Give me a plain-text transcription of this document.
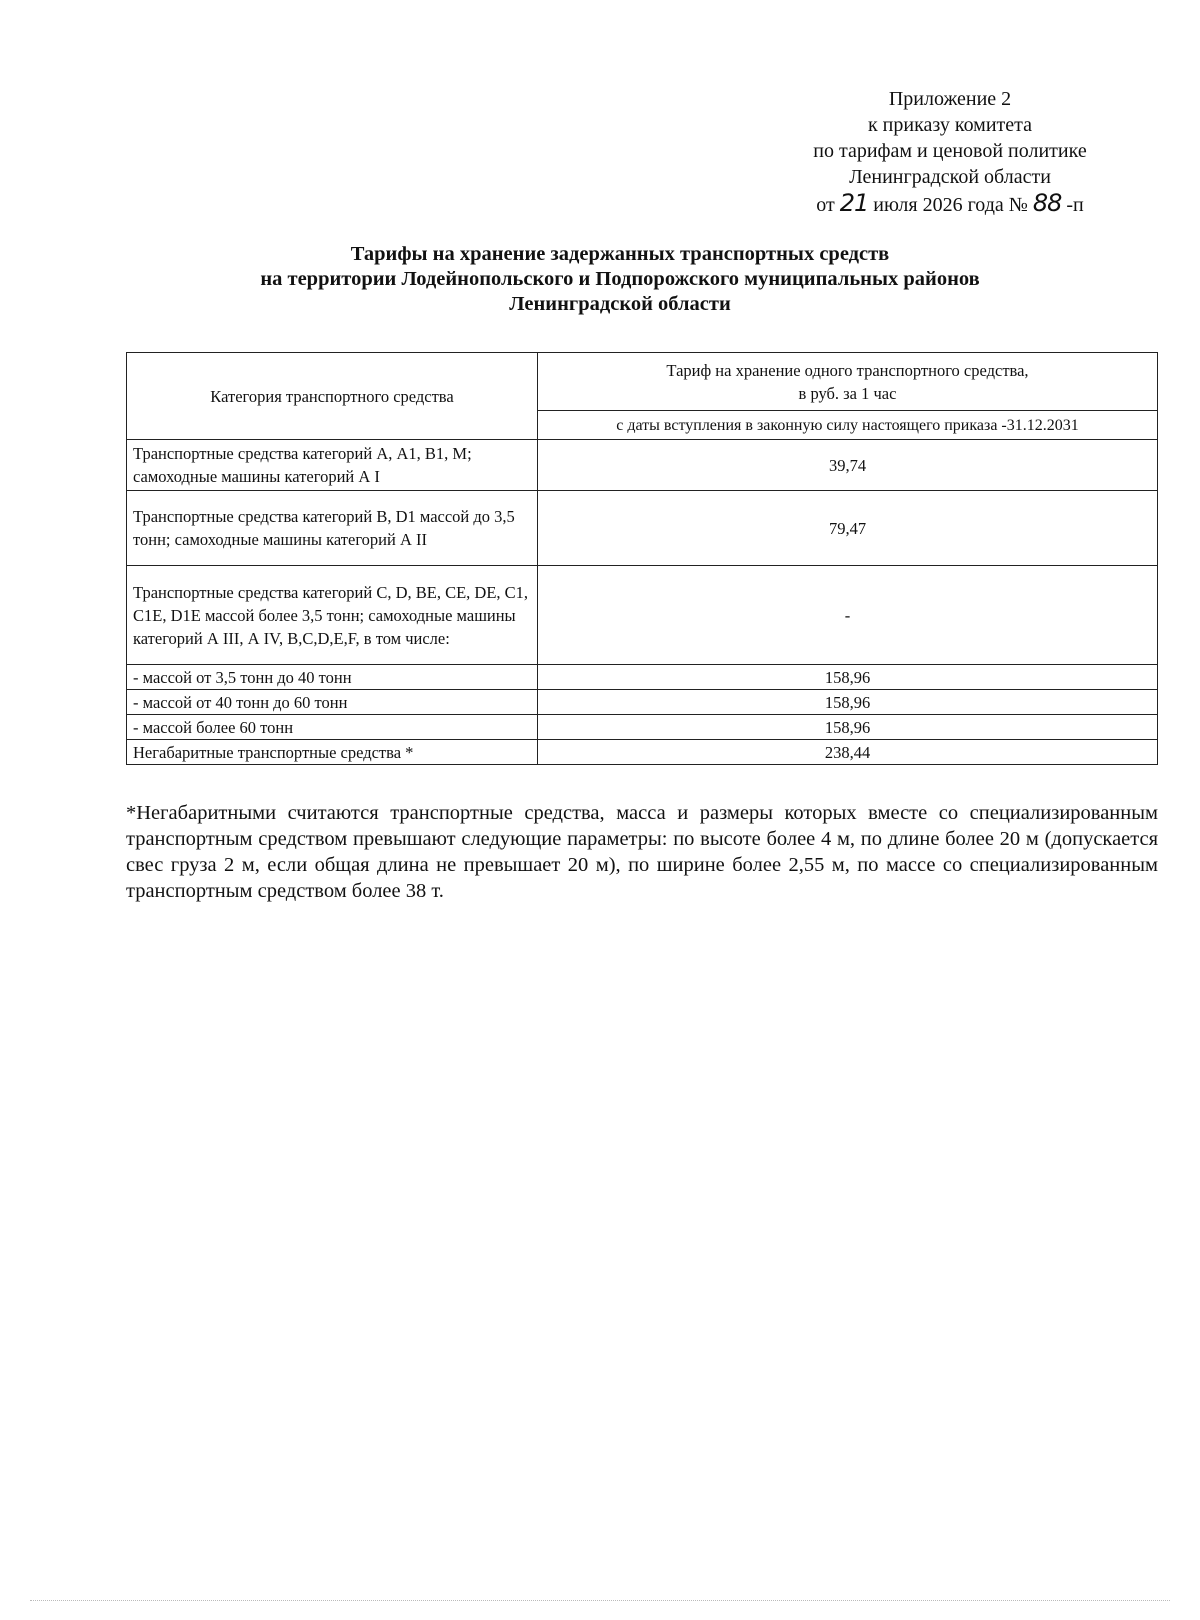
Приложение 2
к приказу комитета
по тарифам и ценовой политике
Ленинградской области
от 21 июля 2026 года № 88 -п
Тарифы на хранение задержанных транспортных средств
на территории Лодейнопольского и Подпорожского муниципальных районов
Ленинградской области
Категория транспортного средства	Тариф на хранение одного транспортного средства,
в руб. за 1 час
	с даты вступления в законную силу настоящего приказа -31.12.2031
Транспортные средства категорий А, А1, В1, М; самоходные машины категорий А I	39,74
Транспортные средства категорий В, D1 массой до 3,5 тонн; самоходные машины категорий А II	79,47
Транспортные средства категорий С, D, ВЕ, СЕ, DE, С1, С1Е, D1Е массой более 3,5 тонн; самоходные машины категорий А III, А IV, B,C,D,E,F, в том числе:	-
- массой от 3,5 тонн до 40 тонн	158,96
- массой от 40 тонн до 60 тонн	158,96
- массой более 60 тонн	158,96
Негабаритные транспортные средства *	238,44
*Негабаритными считаются транспортные средства, масса и размеры которых вместе со специализированным транспортным средством превышают следующие параметры: по высоте более 4 м, по длине более 20 м (допускается свес груза 2 м, если общая длина не превышает 20 м), по ширине более 2,55 м, по массе со специализированным транспортным средством более 38 т.
